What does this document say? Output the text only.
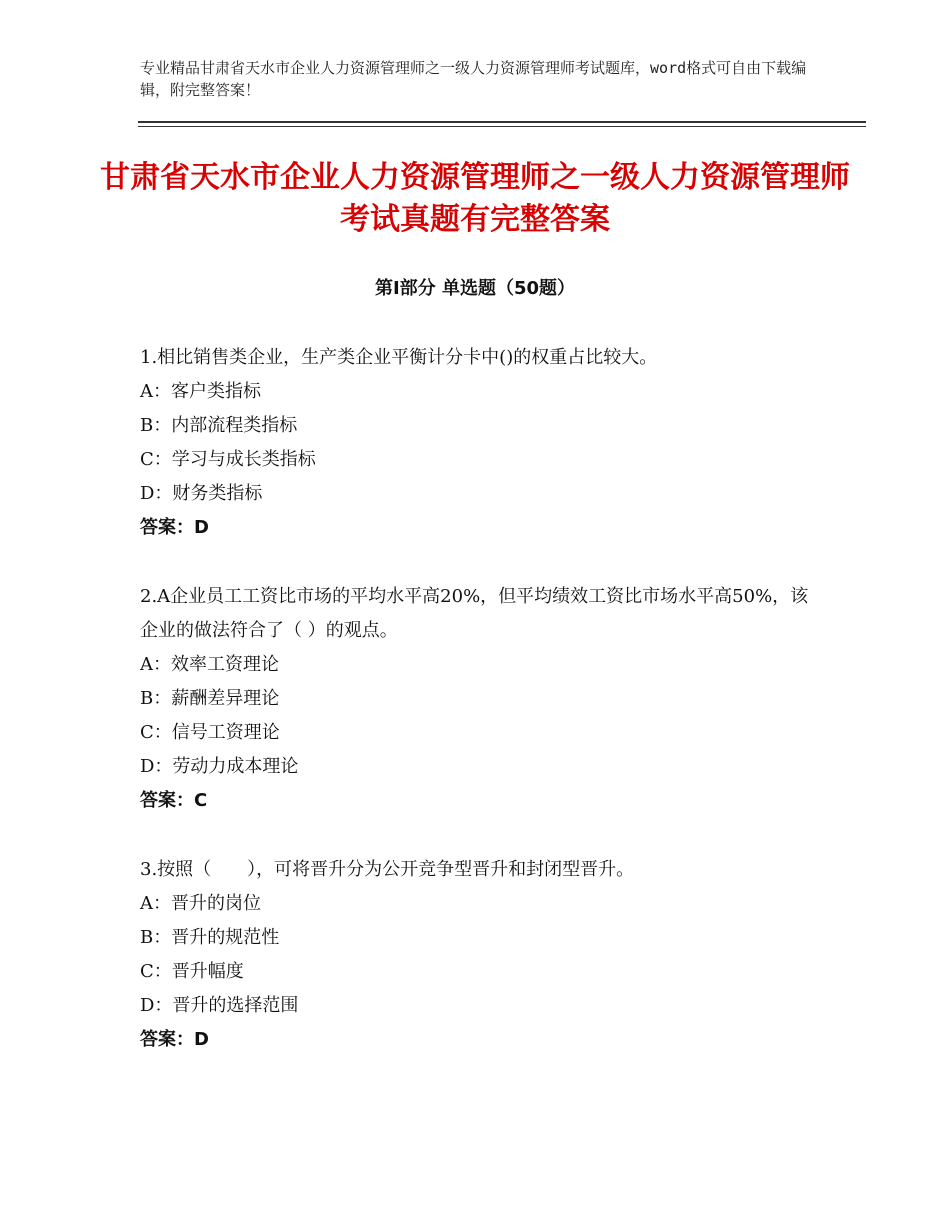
专业精品甘肃省天水市企业人力资源管理师之一级人力资源管理师考试题库，word格式可自由下载编辑，附完整答案！
甘肃省天水市企业人力资源管理师之一级人力资源管理师考试真题有完整答案
第Ⅰ部分 单选题（50题）

1.相比销售类企业，生产类企业平衡计分卡中()的权重占比较大。

A：客户类指标

B：内部流程类指标

C：学习与成长类指标

D：财务类指标

答案：D

2.A企业员工工资比市场的平均水平高20%，但平均绩效工资比市场水平高50%，该企业的做法符合了（ ）的观点。

A：效率工资理论

B：薪酬差异理论

C：信号工资理论

D：劳动力成本理论

答案：C

3.按照（　　），可将晋升分为公开竞争型晋升和封闭型晋升。

A：晋升的岗位

B：晋升的规范性

C：晋升幅度

D：晋升的选择范围

答案：D
